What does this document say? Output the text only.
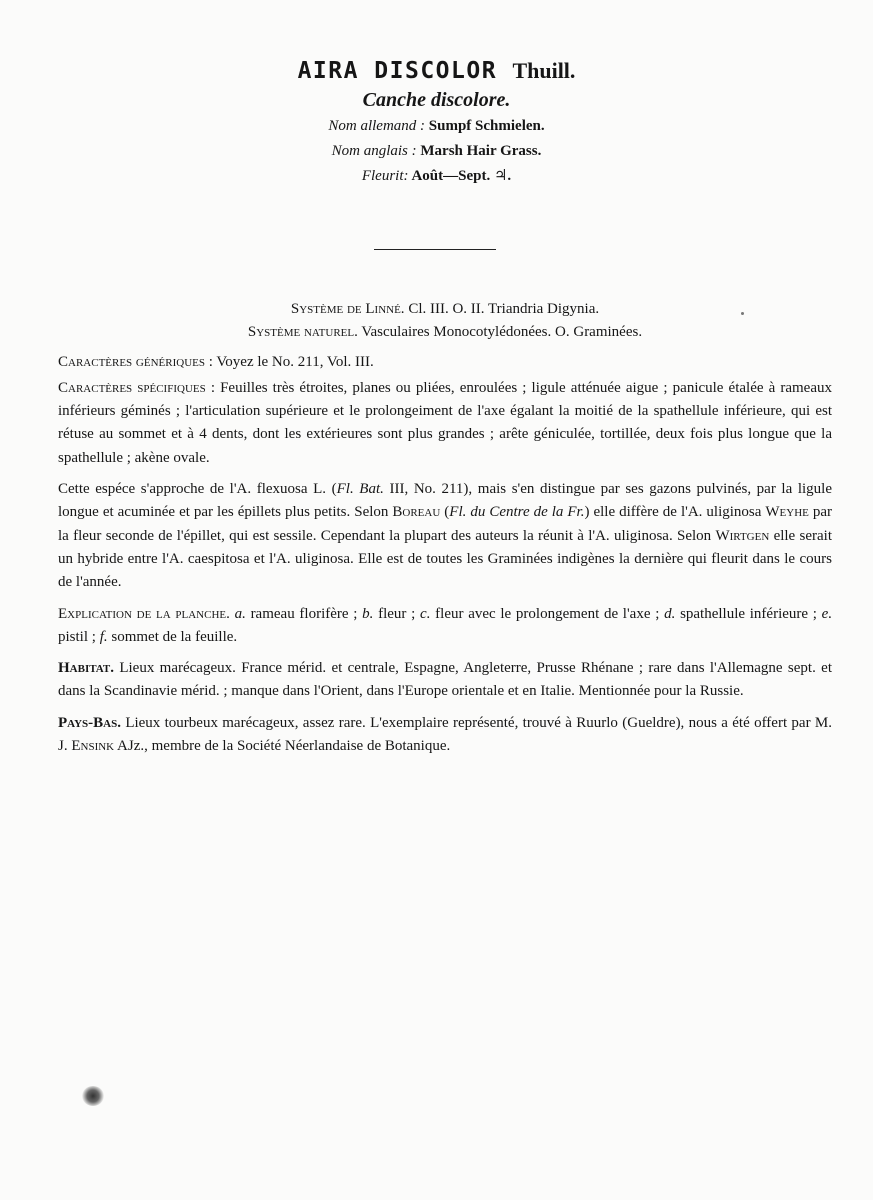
AIRA DISCOLOR Thuill.
Canche discolore.
Nom allemand : Sumpf Schmielen.
Nom anglais : Marsh Hair Grass.
Fleurit: Août—Sept. ♃.
Système de Linné. Cl. III. O. II. Triandria Digynia.
Système naturel. Vasculaires Monocotylédonées. O. Graminées.

Caractères génériques : Voyez le No. 211, Vol. III.

Caractères spécifiques : Feuilles très étroites, planes ou pliées, enroulées ; ligule atténuée aigue ; panicule étalée à rameaux inférieurs géminés ; l'articulation supérieure et le prolongeiment de l'axe égalant la moitié de la spathellule inférieure, qui est rétuse au sommet et à 4 dents, dont les extérieures sont plus grandes ; arête géniculée, tortillée, deux fois plus longue que la spathellule ; akène ovale.

Cette espéce s'approche de l'A. flexuosa L. (Fl. Bat. III, No. 211), mais s'en distingue par ses gazons pulvinés, par la ligule longue et acuminée et par les épillets plus petits. Selon Boreau (Fl. du Centre de la Fr.) elle diffère de l'A. uliginosa Weyhe par la fleur seconde de l'épillet, qui est sessile. Cependant la plupart des auteurs la réunit à l'A. uliginosa. Selon Wirtgen elle serait un hybride entre l'A. caespitosa et l'A. uliginosa. Elle est de toutes les Graminées indigènes la dernière qui fleurit dans le cours de l'année.

Explication de la planche. a. rameau florifère ; b. fleur ; c. fleur avec le prolongement de l'axe ; d. spathellule inférieure ; e. pistil ; f. sommet de la feuille.

Habitat. Lieux marécageux. France mérid. et centrale, Espagne, Angleterre, Prusse Rhénane ; rare dans l'Allemagne sept. et dans la Scandinavie mérid. ; manque dans l'Orient, dans l'Europe orientale et en Italie. Mentionnée pour la Russie.

Pays-Bas. Lieux tourbeux marécageux, assez rare. L'exemplaire représenté, trouvé à Ruurlo (Gueldre), nous a été offert par M. J. Ensink AJz., membre de la Société Néerlandaise de Botanique.
